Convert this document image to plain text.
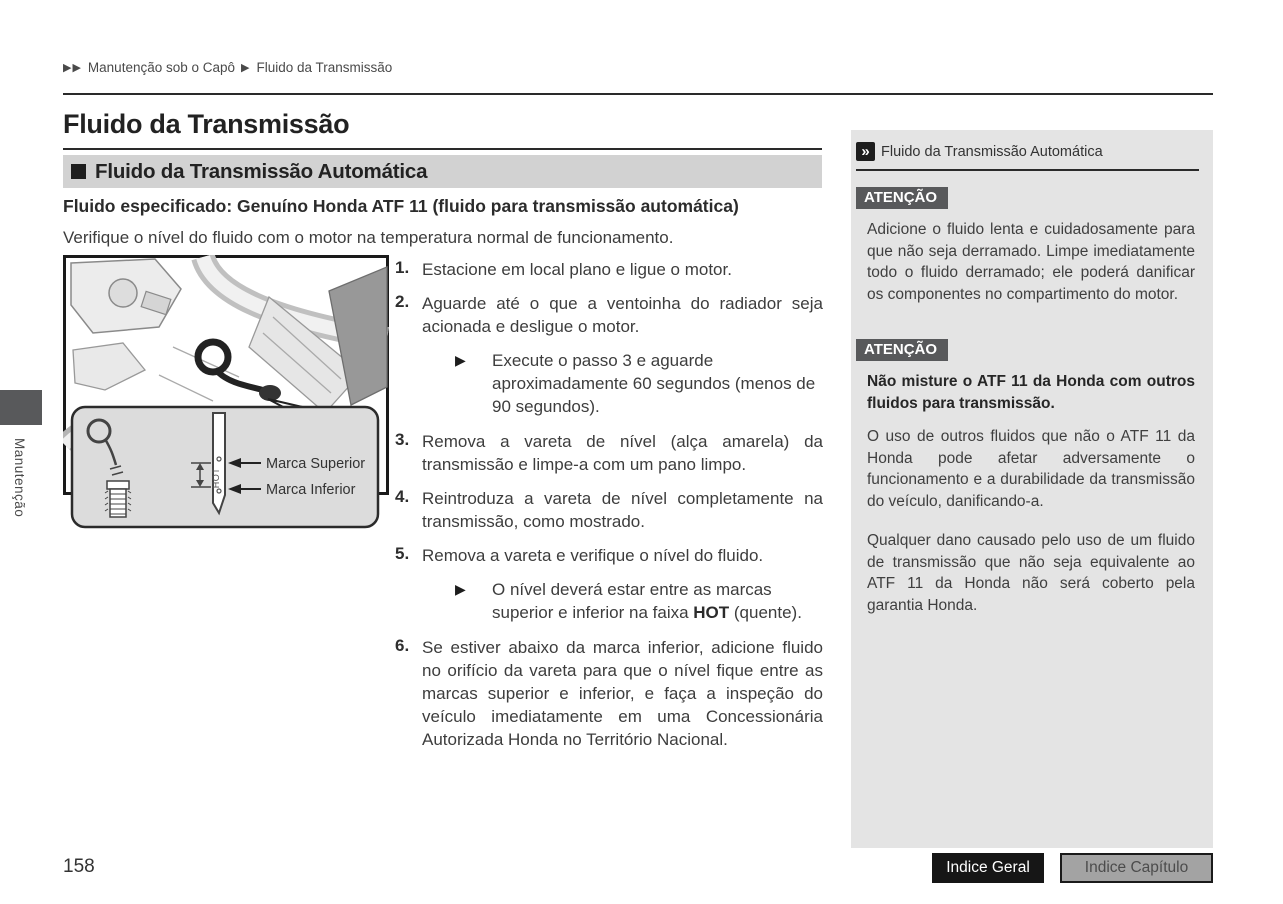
▶▶ Manutenção sob o Capô ▶ Fluido da Transmissão
Fluido da Transmissão
Fluido da Transmissão Automática
Fluido especificado: Genuíno Honda ATF 11 (fluido para transmissão automática)
Verifique o nível do fluido com o motor na temperatura normal de funcionamento.
HOT
Marca Superior
Marca Inferior
1. Estacione em local plano e ligue o motor.
2. Aguarde até o que a ventoinha do radiador seja acionada e desligue o motor.
▶	Execute o passo 3 e aguarde aproximadamente 60 segundos (menos de 90 segundos).
3. Remova a vareta de nível (alça amarela) da transmissão e limpe-a com um pano limpo.
4. Reintroduza a vareta de nível completamente na transmissão, como mostrado.
5. Remova a vareta e verifique o nível do fluido.
▶	O nível deverá estar entre as marcas superior e inferior na faixa HOT (quente).
6. Se estiver abaixo da marca inferior, adicione fluido no orifício da vareta para que o nível fique entre as marcas superior e inferior, e faça a inspeção do veículo imediatamente em uma Concessionária Autorizada Honda no Território Nacional.
» Fluido da Transmissão Automática
ATENÇÃO

Adicione o fluido lenta e cuidadosamente para que não seja derramado. Limpe imediatamente todo o fluido derramado; ele poderá danificar os componentes no compartimento do motor.

ATENÇÃO

Não misture o ATF 11 da Honda com outros fluidos para transmissão.

O uso de outros fluidos que não o ATF 11 da Honda pode afetar adversamente o funcionamento e a durabilidade da transmissão do veículo, danificando-a.

Qualquer dano causado pelo uso de um fluido de transmissão que não seja equivalente ao ATF 11 da Honda não será coberto pela garantia Honda.

Manutenção
158	Indice Geral	Indice Capítulo
